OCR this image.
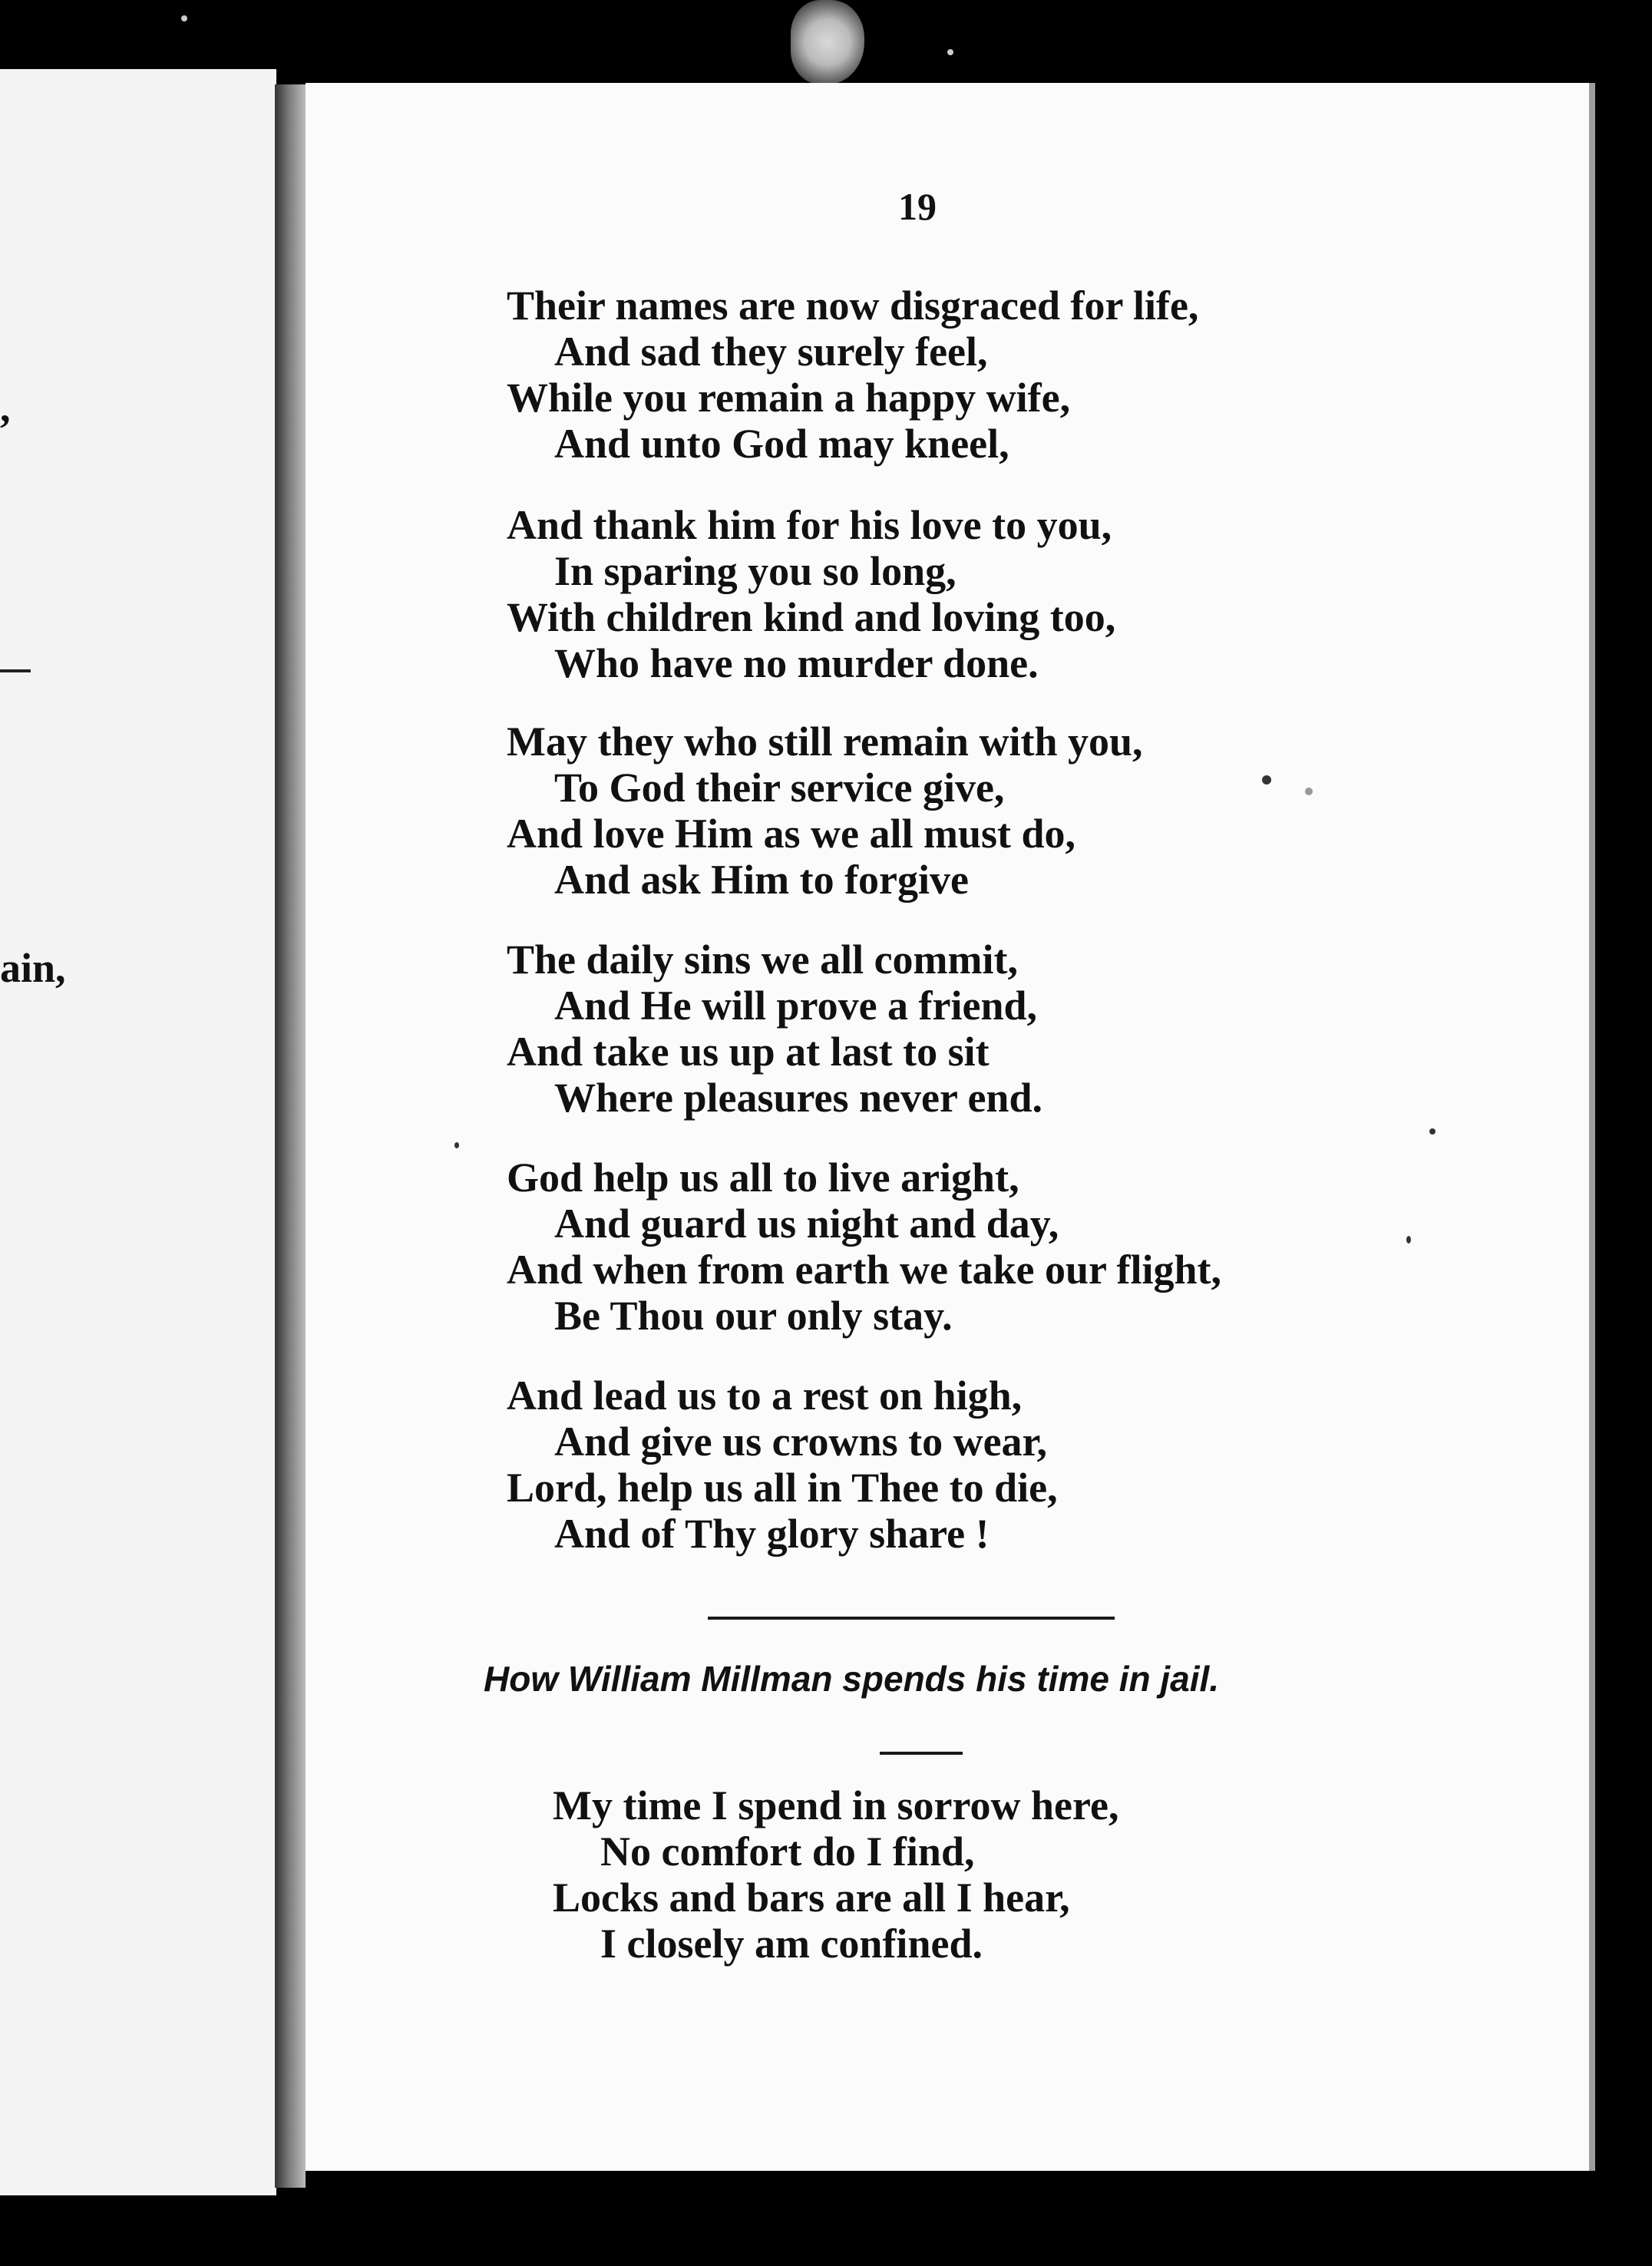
,
ain,
19
Their names are now disgraced for life,
And sad they surely feel,
While you remain a happy wife,
And unto God may kneel,
And thank him for his love to you,
In sparing you so long,
With children kind and loving too,
Who have no murder done.
May they who still remain with you,
To God their service give,
And love Him as we all must do,
And ask Him to forgive
The daily sins we all commit,
And He will prove a friend,
And take us up at last to sit
Where pleasures never end.
God help us all to live aright,
And guard us night and day,
And when from earth we take our flight,
Be Thou our only stay.
And lead us to a rest on high,
And give us crowns to wear,
Lord, help us all in Thee to die,
And of Thy glory share !
How William Millman spends his time in jail.
My time I spend in sorrow here,
No comfort do I find,
Locks and bars are all I hear,
I closely am confined.
